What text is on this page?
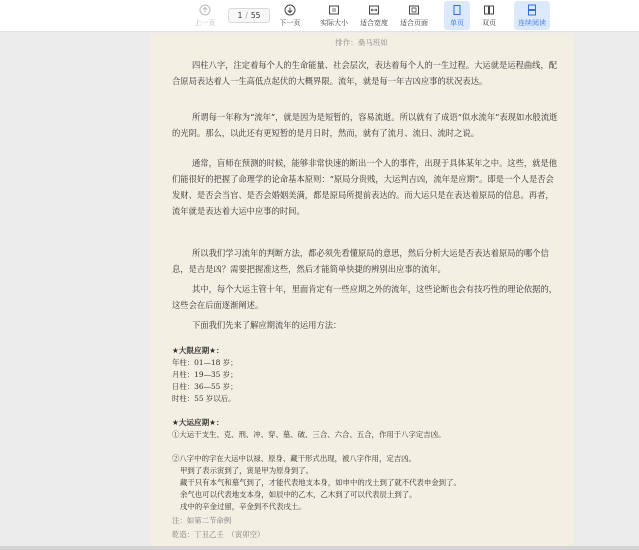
上一页
1 / 55
下一页	实际大小 适合宽度 适合页面	单页	双页	连续阅读
排作：桑马班如

四柱八字，注定着每个人的生命能量、社会层次，表达着每个人的一生过程。大运就是运程曲线，配合原局表达着人一生高低点起伏的大概界限。流年，就是每一年吉凶应事的状况表达。

所谓每一年称为“流年”，就是因为是短暂的，容易流逝。所以就有了成语“似水流年”表现如水般流逝的光阴。那么，以此还有更短暂的是月日时，然而，就有了流月、流日、流时之说。

通常，盲师在预测的时候，能够非常快速的断出一个人的事件，出现于具体某年之中。这些，就是他们能很好的把握了命理学的论命基本原则：“原局分贵贱，大运判吉凶，流年是应期”。即是一个人是否会发财、是否会当官、是否会婚姻美满，都是原局所提前表达的。而大运只是在表达着原局的信息。再者，流年就是表达着大运中应事的时间。

所以我们学习流年的判断方法，都必须先看懂原局的意思，然后分析大运是否表达着原局的哪个信息，是吉是凶？需要把握准这些，然后才能简单快捷的辨别出应事的流年。

其中，每个大运主管十年，里面肯定有一些应期之外的流年，这些论断也会有技巧性的理论依据的，这些会在后面逐渐阐述。

下面我们先来了解应期流年的运用方法：

★大限应期★：

年柱：01—18 岁；

月柱：19—35 岁；

日柱：36—55 岁；

时柱：55 岁以后。

★大运应期★：

①大运干支生、克、刑、冲、穿、墓、破、三合、六合、五合，作用于八字定吉凶。

②八字中的字在大运中以禄、原身、藏干形式出现，被八字作用，定吉凶。

甲到了表示寅到了，寅是甲为原身到了。

藏干只有本气和墓气到了，才能代表地支本身，如申中的戊土到了就不代表申金到了。

余气也可以代表地支本身，如辰中的乙木，乙木到了可以代表辰土到了。

戌中的辛金过留，辛金到不代表戌土。

注：如第二节命例

乾造：丁丑乙壬　（寅卯空）
